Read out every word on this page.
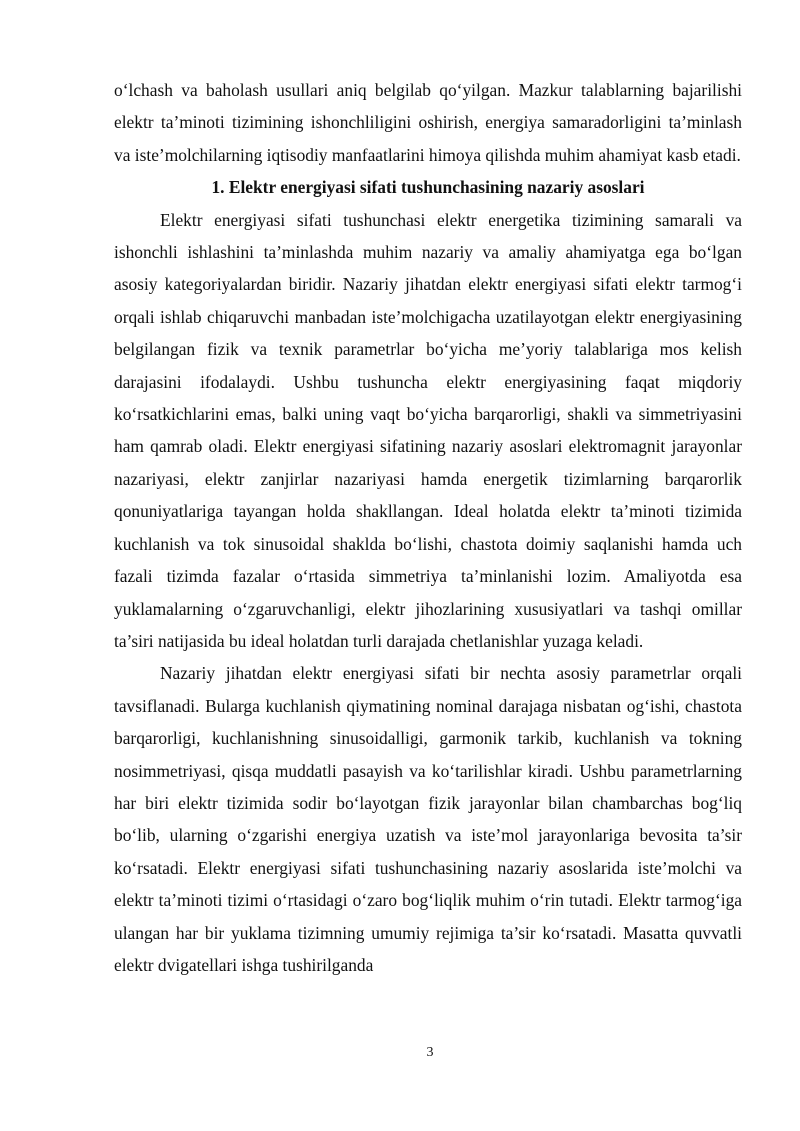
o‘lchash va baholash usullari aniq belgilab qo‘yilgan. Mazkur talablarning bajarilishi elektr ta’minoti tizimining ishonchliligini oshirish, energiya samaradorligini ta’minlash va iste’molchilarning iqtisodiy manfaatlarini himoya qilishda muhim ahamiyat kasb etadi.

1. Elektr energiyasi sifati tushunchasining nazariy asoslari

Elektr energiyasi sifati tushunchasi elektr energetika tizimining samarali va ishonchli ishlashini ta’minlashda muhim nazariy va amaliy ahamiyatga ega bo‘lgan asosiy kategoriyalardan biridir. Nazariy jihatdan elektr energiyasi sifati elektr tarmog‘i orqali ishlab chiqaruvchi manbadan iste’molchigacha uzatilayotgan elektr energiyasining belgilangan fizik va texnik parametrlar bo‘yicha me’yoriy talablariga mos kelish darajasini ifodalaydi. Ushbu tushuncha elektr energiyasining faqat miqdoriy ko‘rsatkichlarini emas, balki uning vaqt bo‘yicha barqarorligi, shakli va simmetriyasini ham qamrab oladi. Elektr energiyasi sifatining nazariy asoslari elektromagnit jarayonlar nazariyasi, elektr zanjirlar nazariyasi hamda energetik tizimlarning barqarorlik qonuniyatlariga tayangan holda shakllangan. Ideal holatda elektr ta’minoti tizimida kuchlanish va tok sinusoidal shaklda bo‘lishi, chastota doimiy saqlanishi hamda uch fazali tizimda fazalar o‘rtasida simmetriya ta’minlanishi lozim. Amaliyotda esa yuklamalarning o‘zgaruvchanligi, elektr jihozlarining xususiyatlari va tashqi omillar ta’siri natijasida bu ideal holatdan turli darajada chetlanishlar yuzaga keladi.

Nazariy jihatdan elektr energiyasi sifati bir nechta asosiy parametrlar orqali tavsiflanadi. Bularga kuchlanish qiymatining nominal darajaga nisbatan og‘ishi, chastota barqarorligi, kuchlanishning sinusoidalligi, garmonik tarkib, kuchlanish va tokning nosimmetriyasi, qisqa muddatli pasayish va ko‘tarilishlar kiradi. Ushbu parametrlarning har biri elektr tizimida sodir bo‘layotgan fizik jarayonlar bilan chambarchas bog‘liq bo‘lib, ularning o‘zgarishi energiya uzatish va iste’mol jarayonlariga bevosita ta’sir ko‘rsatadi. Elektr energiyasi sifati tushunchasining nazariy asoslarida iste’molchi va elektr ta’minoti tizimi o‘rtasidagi o‘zaro bog‘liqlik muhim o‘rin tutadi. Elektr tarmog‘iga ulangan har bir yuklama tizimning umumiy rejimiga ta’sir ko‘rsatadi. Masatta quvvatli elektr dvigatellari ishga tushirilganda

3
